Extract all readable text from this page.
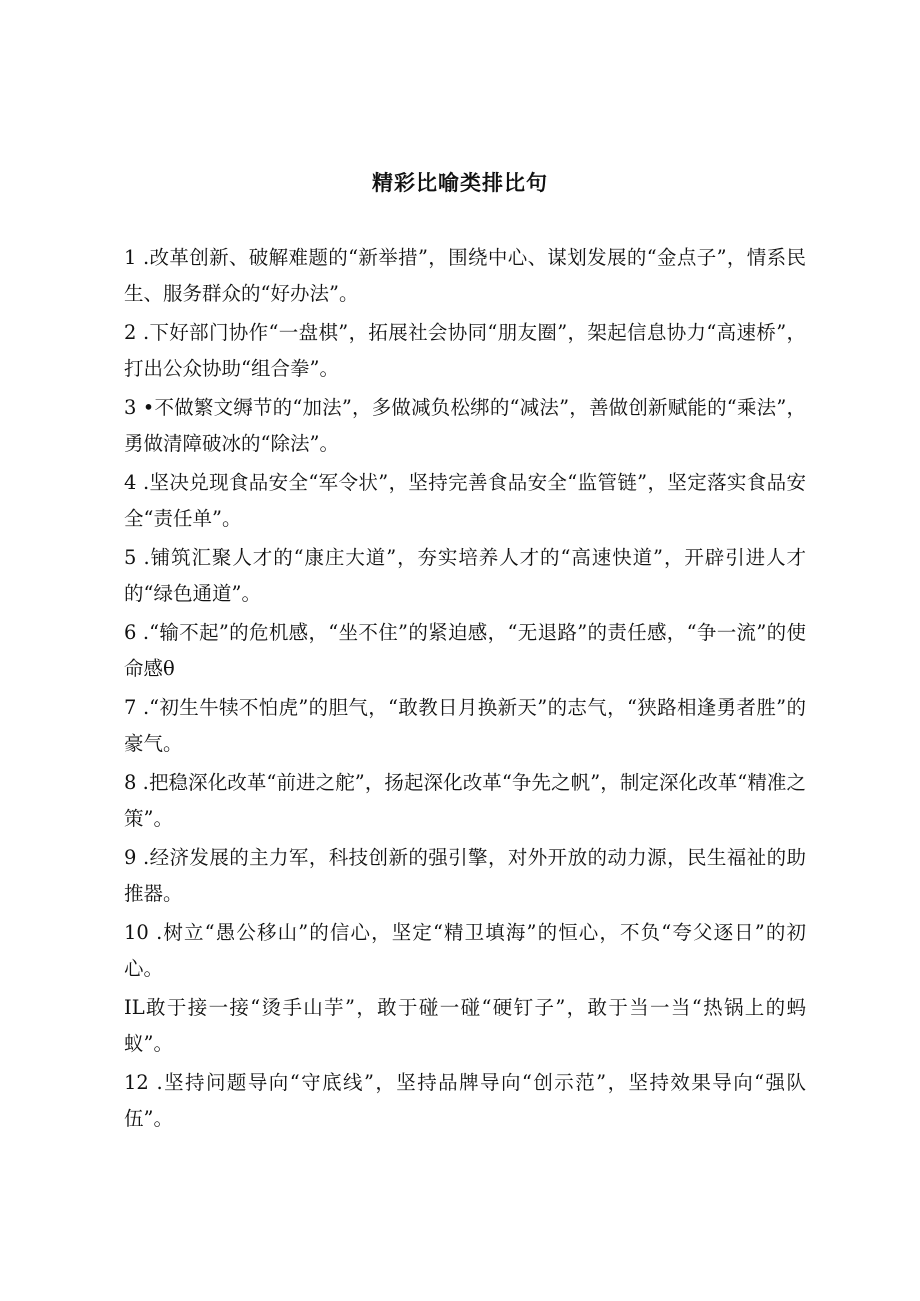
精彩比喻类排比句
1 .改革创新、破解难题的“新举措”，围绕中心、谋划发展的“金点子”，情系民生、服务群众的“好办法”。
2 .下好部门协作“一盘棋”，拓展社会协同“朋友圈”，架起信息协力“高速桥”，打出公众协助“组合拳”。
3 •不做繁文缛节的“加法”，多做减负松绑的“减法”，善做创新赋能的“乘法”，勇做清障破冰的“除法”。
4 .坚决兑现食品安全“军令状”，坚持完善食品安全“监管链”，坚定落实食品安全“责任单”。
5 .铺筑汇聚人才的“康庄大道”，夯实培养人才的“高速快道”，开辟引进人才的“绿色通道”。
6 .“输不起”的危机感，“坐不住”的紧迫感，“无退路”的责任感，“争一流”的使命感θ
7 .“初生牛犊不怕虎”的胆气，“敢教日月换新天”的志气，“狭路相逢勇者胜”的豪气。
8 .把稳深化改革“前进之舵”，扬起深化改革“争先之帆”，制定深化改革“精准之策”。
9 .经济发展的主力军，科技创新的强引擎，对外开放的动力源，民生福祉的助推器。
10 .树立“愚公移山”的信心，坚定“精卫填海”的恒心，不负“夸父逐日”的初心。
IL敢于接一接“烫手山芋”，敢于碰一碰“硬钉子”，敢于当一当“热锅上的蚂蚁”。
12 .坚持问题导向“守底线”，坚持品牌导向“创示范”，坚持效果导向“强队伍”。
